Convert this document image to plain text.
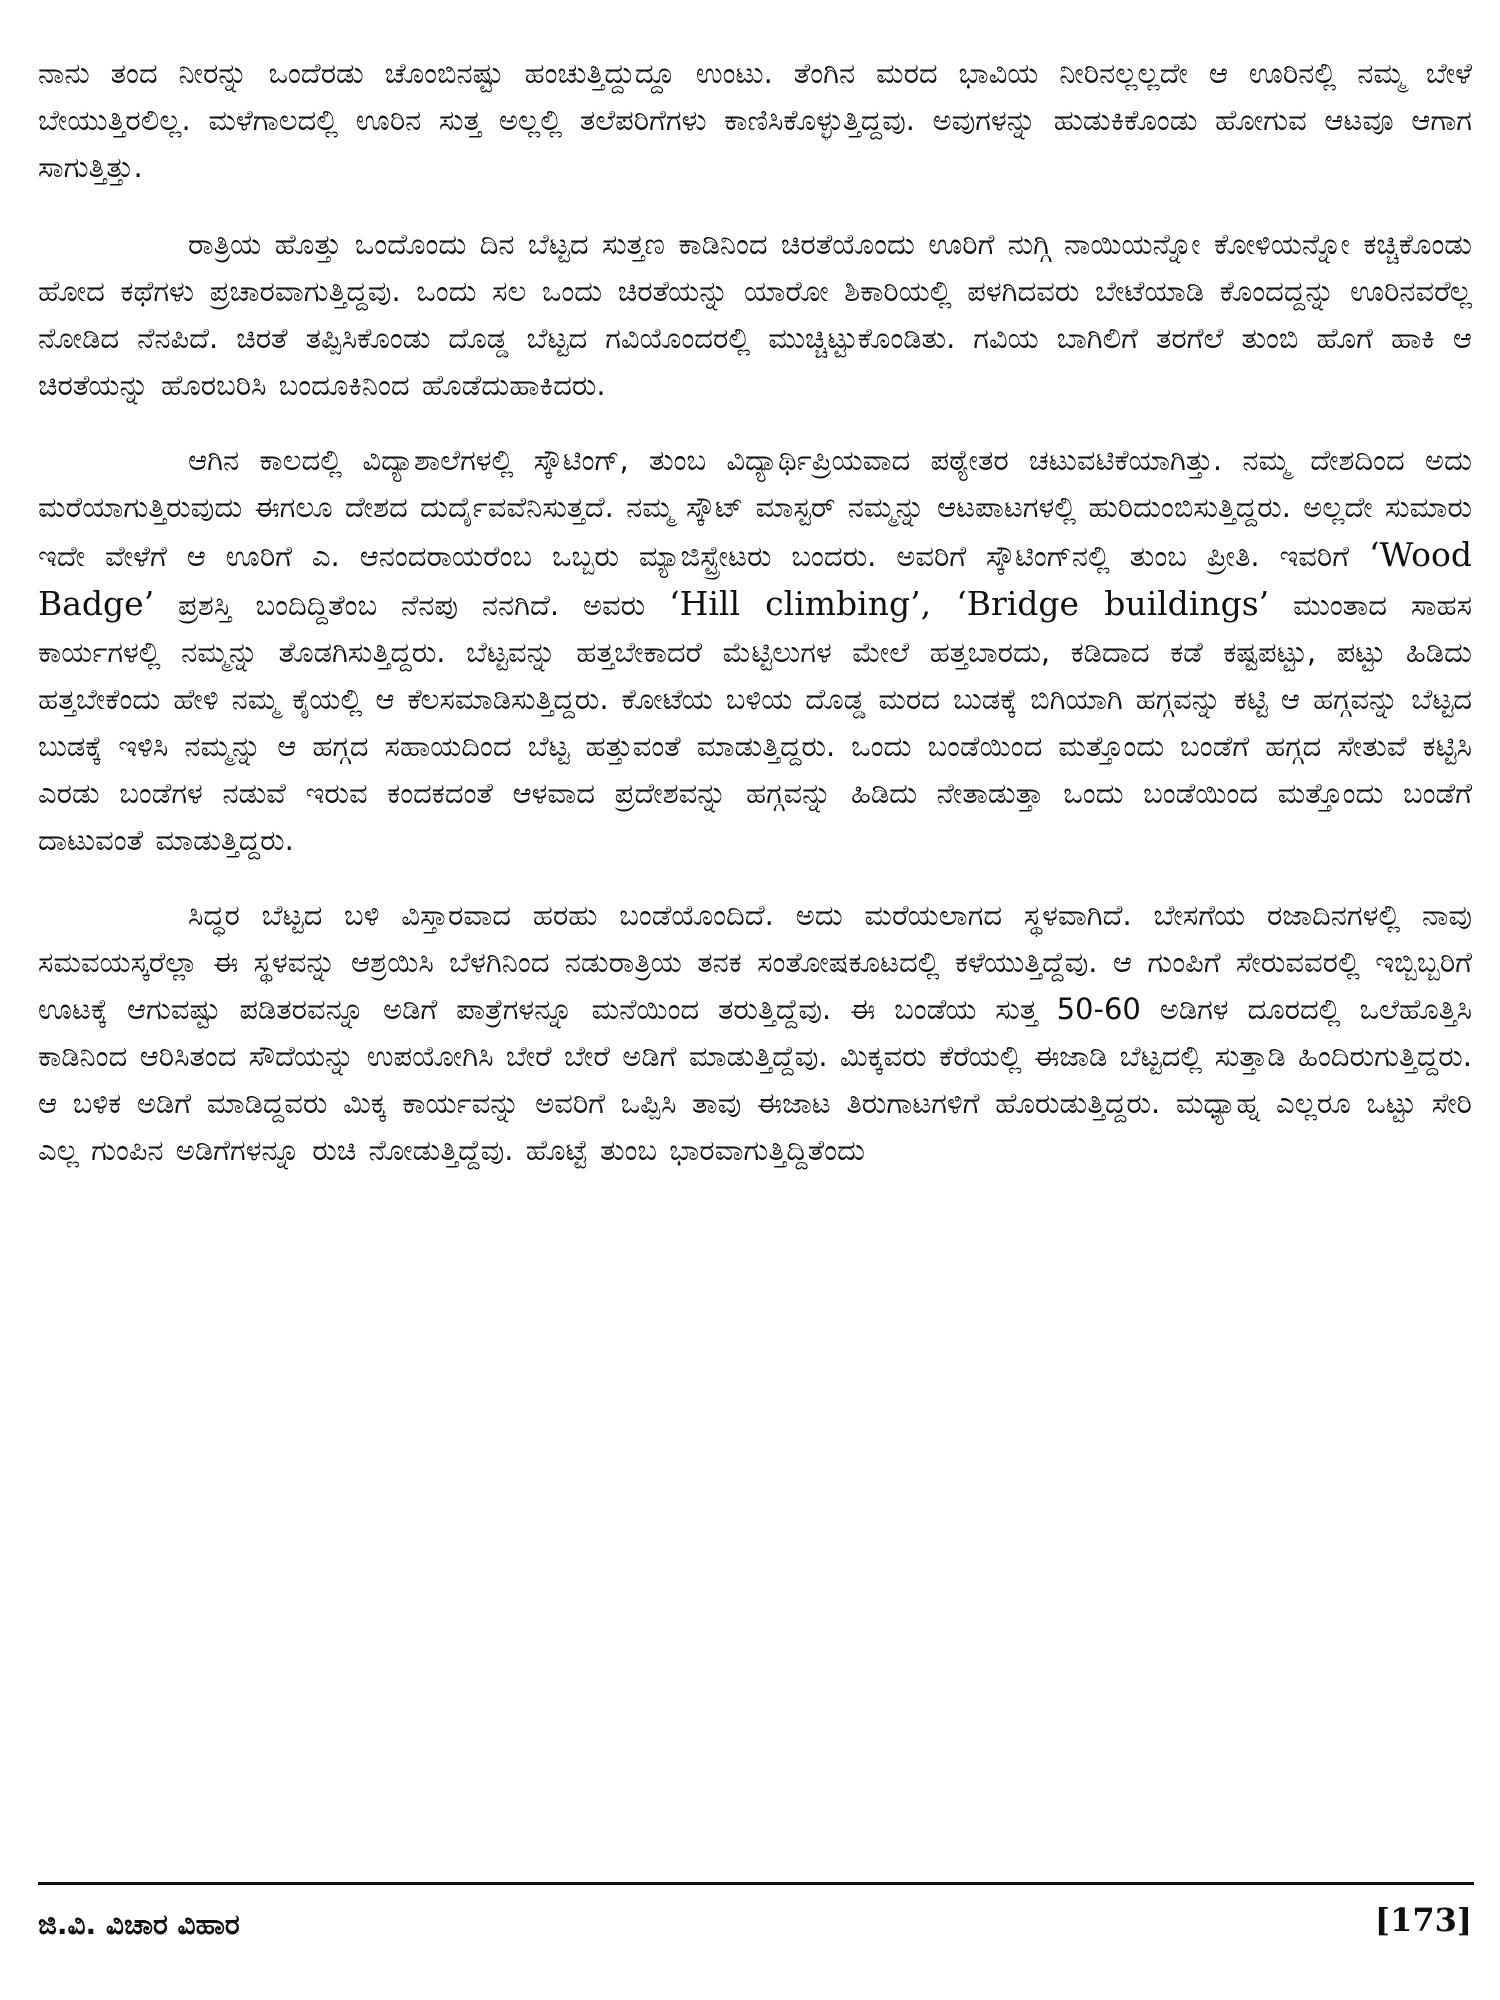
ನಾನು ತಂದ ನೀರನ್ನು ಒಂದೆರಡು ಚೊಂಬಿನಷ್ಟು ಹಂಚುತ್ತಿದ್ದುದ್ದೂ ಉಂಟು. ತೆಂಗಿನ ಮರದ ಭಾವಿಯ ನೀರಿನಲ್ಲಲ್ಲದೇ ಆ ಊರಿನಲ್ಲಿ ನಮ್ಮ ಬೇಳೆ ಬೇಯುತ್ತಿರಲಿಲ್ಲ. ಮಳೆಗಾಲದಲ್ಲಿ ಊರಿನ ಸುತ್ತ ಅಲ್ಲಲ್ಲಿ ತಲೆಪರಿಗೆಗಳು ಕಾಣಿಸಿಕೊಳ್ಳುತ್ತಿದ್ದವು. ಅವುಗಳನ್ನು ಹುಡುಕಿಕೊಂಡು ಹೋಗುವ ಆಟವೂ ಆಗಾಗ ಸಾಗುತ್ತಿತ್ತು.

ರಾತ್ರಿಯ ಹೊತ್ತು ಒಂದೊಂದು ದಿನ ಬೆಟ್ಟದ ಸುತ್ತಣ ಕಾಡಿನಿಂದ ಚಿರತೆಯೊಂದು ಊರಿಗೆ ನುಗ್ಗಿ ನಾಯಿಯನ್ನೋ ಕೋಳಿಯನ್ನೋ ಕಚ್ಚಿಕೊಂಡು ಹೋದ ಕಥೆಗಳು ಪ್ರಚಾರವಾಗುತ್ತಿದ್ದವು. ಒಂದು ಸಲ ಒಂದು ಚಿರತೆಯನ್ನು ಯಾರೋ ಶಿಕಾರಿಯಲ್ಲಿ ಪಳಗಿದವರು ಬೇಟೆಯಾಡಿ ಕೊಂದದ್ದನ್ನು ಊರಿನವರೆಲ್ಲ ನೋಡಿದ ನೆನಪಿದೆ. ಚಿರತೆ ತಪ್ಪಿಸಿಕೊಂಡು ದೊಡ್ಡ ಬೆಟ್ಟದ ಗವಿಯೊಂದರಲ್ಲಿ ಮುಚ್ಚಿಟ್ಟುಕೊಂಡಿತು. ಗವಿಯ ಬಾಗಿಲಿಗೆ ತರಗೆಲೆ ತುಂಬಿ ಹೊಗೆ ಹಾಕಿ ಆ ಚಿರತೆಯನ್ನು ಹೊರಬರಿಸಿ ಬಂದೂಕಿನಿಂದ ಹೊಡೆದುಹಾಕಿದರು.

ಆಗಿನ ಕಾಲದಲ್ಲಿ ವಿದ್ಯಾಶಾಲೆಗಳಲ್ಲಿ ಸ್ಕೌಟಿಂಗ್, ತುಂಬ ವಿದ್ಯಾರ್ಥಿಪ್ರಿಯವಾದ ಪಠ್ಯೇತರ ಚಟುವಟಿಕೆಯಾಗಿತ್ತು. ನಮ್ಮ ದೇಶದಿಂದ ಅದು ಮರೆಯಾಗುತ್ತಿರುವುದು ಈಗಲೂ ದೇಶದ ದುರ್ದೈವವೆನಿಸುತ್ತದೆ. ನಮ್ಮ ಸ್ಕೌಟ್ ಮಾಸ್ಟರ್ ನಮ್ಮನ್ನು ಆಟಪಾಟಗಳಲ್ಲಿ ಹುರಿದುಂಬಿಸುತ್ತಿದ್ದರು. ಅಲ್ಲದೇ ಸುಮಾರು ಇದೇ ವೇಳೆಗೆ ಆ ಊರಿಗೆ ಎ. ಆನಂದರಾಯರೆಂಬ ಒಬ್ಬರು ಮ್ಯಾಜಿಸ್ಟ್ರೇಟರು ಬಂದರು. ಅವರಿಗೆ ಸ್ಕೌಟಿಂಗ್‌ನಲ್ಲಿ ತುಂಬ ಪ್ರೀತಿ. ಇವರಿಗೆ ‘Wood Badge’ ಪ್ರಶಸ್ತಿ ಬಂದಿದ್ದಿತೆಂಬ ನೆನಪು ನನಗಿದೆ. ಅವರು ‘Hill climbing’, ‘Bridge buildings’ ಮುಂತಾದ ಸಾಹಸ ಕಾರ್ಯಗಳಲ್ಲಿ ನಮ್ಮನ್ನು ತೊಡಗಿಸುತ್ತಿದ್ದರು. ಬೆಟ್ಟವನ್ನು ಹತ್ತಬೇಕಾದರೆ ಮೆಟ್ಟಿಲುಗಳ ಮೇಲೆ ಹತ್ತಬಾರದು, ಕಡಿದಾದ ಕಡೆ ಕಷ್ಟಪಟ್ಟು, ಪಟ್ಟು ಹಿಡಿದು ಹತ್ತಬೇಕೆಂದು ಹೇಳಿ ನಮ್ಮ ಕೈಯಲ್ಲಿ ಆ ಕೆಲಸಮಾಡಿಸುತ್ತಿದ್ದರು. ಕೋಟೆಯ ಬಳಿಯ ದೊಡ್ಡ ಮರದ ಬುಡಕ್ಕೆ ಬಿಗಿಯಾಗಿ ಹಗ್ಗವನ್ನು ಕಟ್ಟಿ ಆ ಹಗ್ಗವನ್ನು ಬೆಟ್ಟದ ಬುಡಕ್ಕೆ ಇಳಿಸಿ ನಮ್ಮನ್ನು ಆ ಹಗ್ಗದ ಸಹಾಯದಿಂದ ಬೆಟ್ಟ ಹತ್ತುವಂತೆ ಮಾಡುತ್ತಿದ್ದರು. ಒಂದು ಬಂಡೆಯಿಂದ ಮತ್ತೊಂದು ಬಂಡೆಗೆ ಹಗ್ಗದ ಸೇತುವೆ ಕಟ್ಟಿಸಿ ಎರಡು ಬಂಡೆಗಳ ನಡುವೆ ಇರುವ ಕಂದಕದಂತೆ ಆಳವಾದ ಪ್ರದೇಶವನ್ನು ಹಗ್ಗವನ್ನು ಹಿಡಿದು ನೇತಾಡುತ್ತಾ ಒಂದು ಬಂಡೆಯಿಂದ ಮತ್ತೊಂದು ಬಂಡೆಗೆ ದಾಟುವಂತೆ ಮಾಡುತ್ತಿದ್ದರು.

ಸಿದ್ಧರ ಬೆಟ್ಟದ ಬಳಿ ವಿಸ್ತಾರವಾದ ಹರಹು ಬಂಡೆಯೊಂದಿದೆ. ಅದು ಮರೆಯಲಾಗದ ಸ್ಥಳವಾಗಿದೆ. ಬೇಸಗೆಯ ರಜಾದಿನಗಳಲ್ಲಿ ನಾವು ಸಮವಯಸ್ಕರೆಲ್ಲಾ ಈ ಸ್ಥಳವನ್ನು ಆಶ್ರಯಿಸಿ ಬೆಳಗಿನಿಂದ ನಡುರಾತ್ರಿಯ ತನಕ ಸಂತೋಷಕೂಟದಲ್ಲಿ ಕಳೆಯುತ್ತಿದ್ದೆವು. ಆ ಗುಂಪಿಗೆ ಸೇರುವವರಲ್ಲಿ ಇಬ್ಬಿಬ್ಬರಿಗೆ ಊಟಕ್ಕೆ ಆಗುವಷ್ಟು ಪಡಿತರವನ್ನೂ ಅಡಿಗೆ ಪಾತ್ರೆಗಳನ್ನೂ ಮನೆಯಿಂದ ತರುತ್ತಿದ್ದೆವು. ಈ ಬಂಡೆಯ ಸುತ್ತ 50-60 ಅಡಿಗಳ ದೂರದಲ್ಲಿ ಒಲೆಹೊತ್ತಿಸಿ ಕಾಡಿನಿಂದ ಆರಿಸಿತಂದ ಸೌದೆಯನ್ನು ಉಪಯೋಗಿಸಿ ಬೇರೆ ಬೇರೆ ಅಡಿಗೆ ಮಾಡುತ್ತಿದ್ದೆವು. ಮಿಕ್ಕವರು ಕೆರೆಯಲ್ಲಿ ಈಜಾಡಿ ಬೆಟ್ಟದಲ್ಲಿ ಸುತ್ತಾಡಿ ಹಿಂದಿರುಗುತ್ತಿದ್ದರು. ಆ ಬಳಿಕ ಅಡಿಗೆ ಮಾಡಿದ್ದವರು ಮಿಕ್ಕ ಕಾರ್ಯವನ್ನು ಅವರಿಗೆ ಒಪ್ಪಿಸಿ ತಾವು ಈಜಾಟ ತಿರುಗಾಟಗಳಿಗೆ ಹೊರುಡುತ್ತಿದ್ದರು. ಮಧ್ಯಾಹ್ನ ಎಲ್ಲರೂ ಒಟ್ಟು ಸೇರಿ ಎಲ್ಲ ಗುಂಪಿನ ಅಡಿಗೆಗಳನ್ನೂ ರುಚಿ ನೋಡುತ್ತಿದ್ದೆವು. ಹೊಟ್ಟೆ ತುಂಬ ಭಾರವಾಗುತ್ತಿದ್ದಿತೆಂದು

ಜಿ.ವಿ. ವಿಚಾರ ವಿಹಾರ	[173]
